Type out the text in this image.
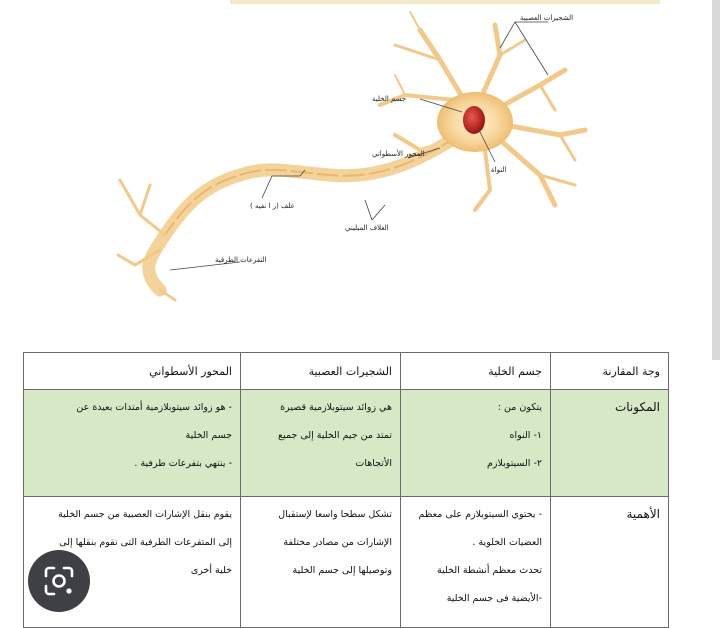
الشجيرات العصبية
جسم الخلية
المحور الأسطواني
النواة
غلف (ر ا نفيه )
الغلاف الميليني
التفرعات الطرفية
وجة المقارنة	جسم الخلية	الشجيرات العصبية	المحور الأسطواني
المكونات	يتكون من :
١- النواه
٢- السيتوبلازم	هي زوائد سيتوبلازمية قصيرة
تمتد من جيم الخلية إلى جميع
الأتجاهات	- هو زوائد سيتوبلازمية أمتدات بعيدة عن
جسم الخلية
- ينتهي بتفرعات طرفية .

الأهمية	- يحتوي السيتوبلازم على معظم
العضيات الخلوية .
تحدث معظم أنشطة الخلية
-الأيضية فى جسم الخلية	تشكل سطحا واسعا لإستقبال
الإشارات من مصادر مختلفة
وتوصيلها إلى جسم الخلية	يقوم بنقل الإشارات العصبية من جسم الخلية
إلى المتفرعات الطرفية التى تقوم بنقلها إلى
خلية أخرى
